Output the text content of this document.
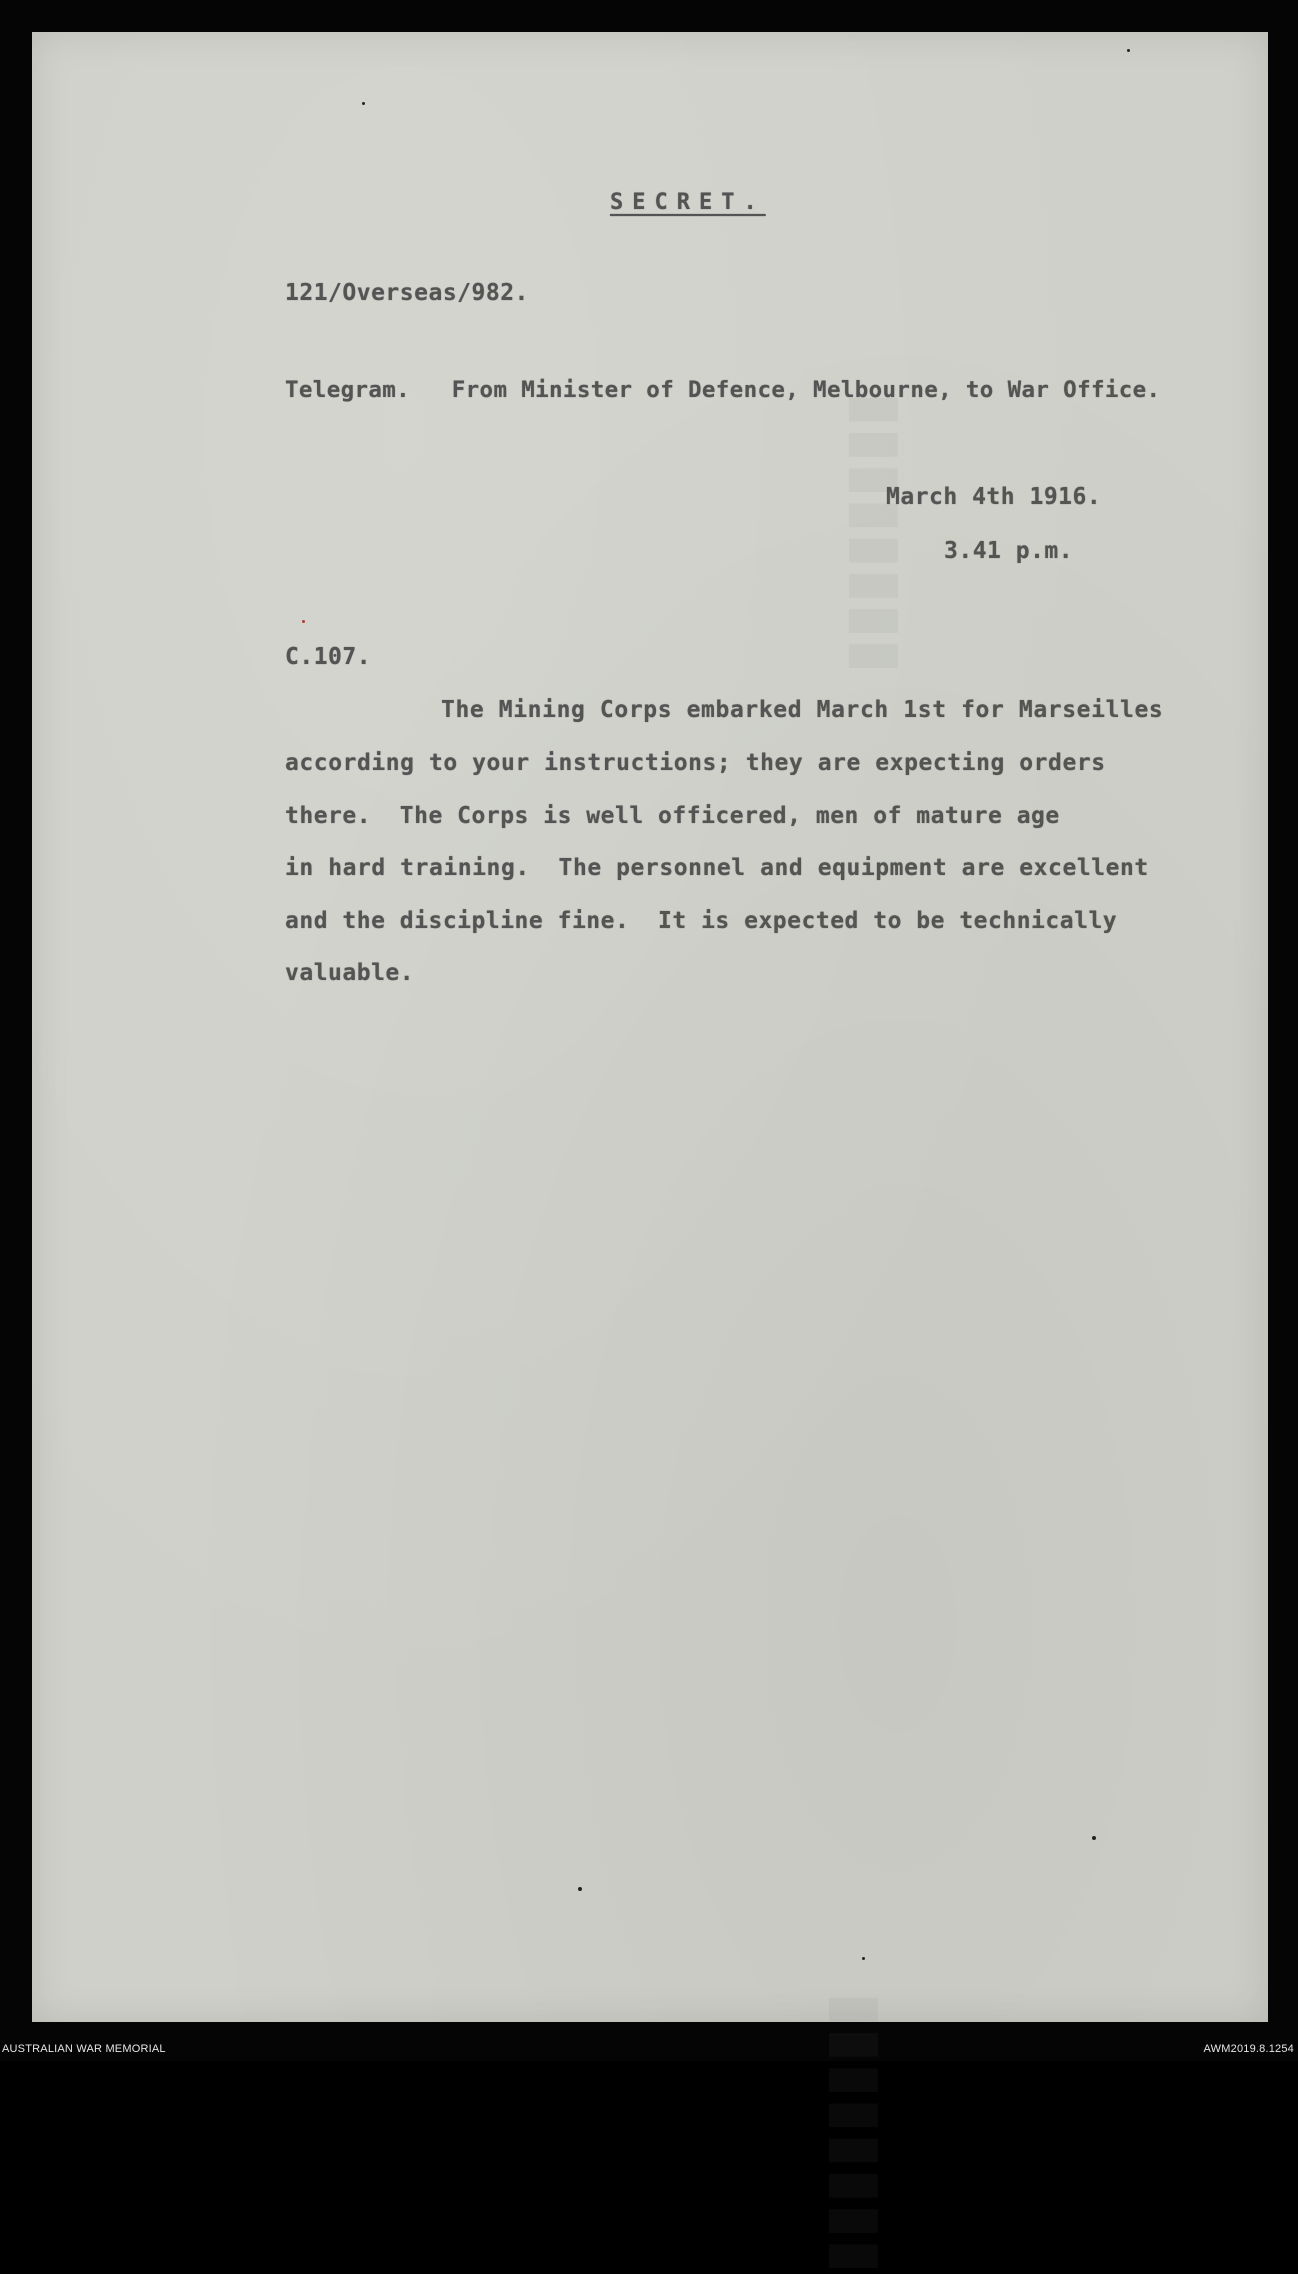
▮▮▮▮▮▮▮▮
▮▮▮▮▮▮▮▮
SECRET.
121/Overseas/982.
Telegram.   From Minister of Defence, Melbourne, to War Office.
March 4th 1916.
3.41 p.m.
C.107.
The Mining Corps embarked March 1st for Marseilles
according to your instructions; they are expecting orders
there.  The Corps is well officered, men of mature age
in hard training.  The personnel and equipment are excellent
and the discipline fine.  It is expected to be technically
valuable.
AUSTRALIAN WAR MEMORIAL	AWM2019.8.1254
